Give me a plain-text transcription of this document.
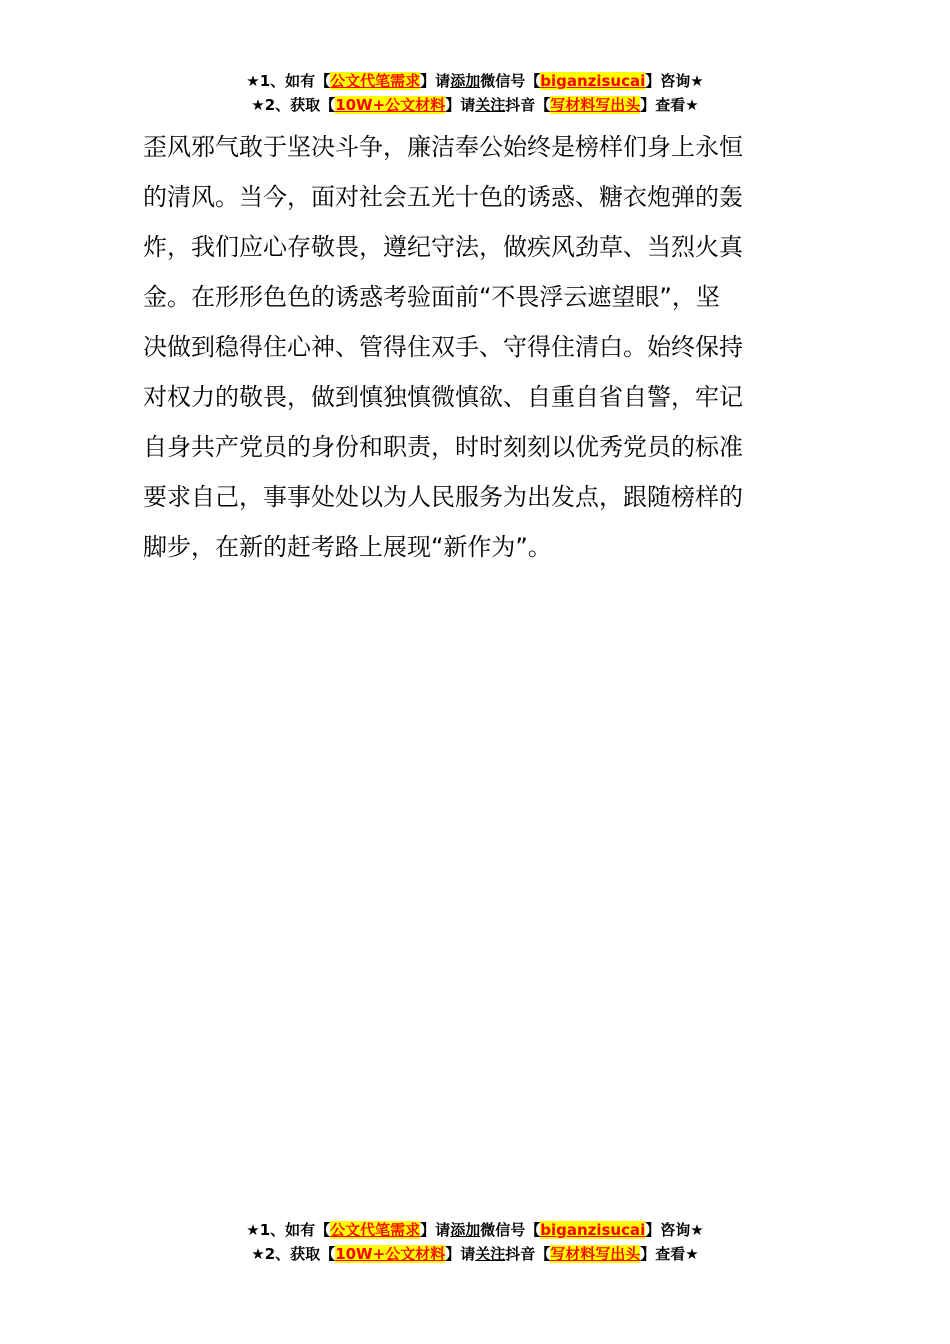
★1、如有【公文代笔需求】请添加微信号【biganzisucai】咨询★
★2、获取【10W+公文材料】请关注抖音【写材料写出头】查看★
歪风邪气敢于坚决斗争，廉洁奉公始终是榜样们身上永恒
的清风。当今，面对社会五光十色的诱惑、糖衣炮弹的轰
炸，我们应心存敬畏，遵纪守法，做疾风劲草、当烈火真
金。在形形色色的诱惑考验面前“不畏浮云遮望眼”，坚
决做到稳得住心神、管得住双手、守得住清白。始终保持
对权力的敬畏，做到慎独慎微慎欲、自重自省自警，牢记
自身共产党员的身份和职责，时时刻刻以优秀党员的标准
要求自己，事事处处以为人民服务为出发点，跟随榜样的
脚步，在新的赶考路上展现“新作为”。
★1、如有【公文代笔需求】请添加微信号【biganzisucai】咨询★
★2、获取【10W+公文材料】请关注抖音【写材料写出头】查看★
